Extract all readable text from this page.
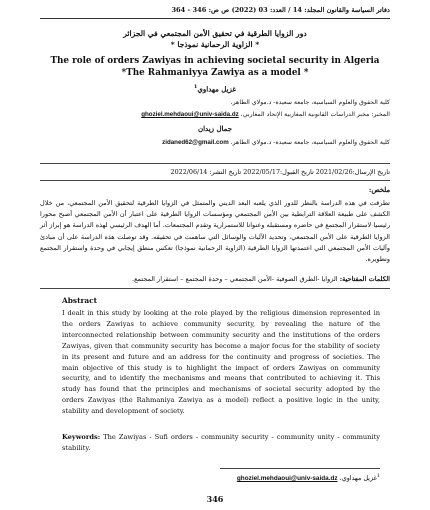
دفاتر السياسة والقانون المجلد: 14 / العدد: 03 (2022) ص ص: 346 - 364
دور الزوايا الطرقية في تحقيق الأمن المجتمعي في الجزائر
* الزاوية الرحمانية نموذجا *
The role of orders Zawiyas in achieving societal security in Algeria
*The Rahmaniyya Zawiya as a model *
غزيل مهداوي$^1$
كلية الحقوق والعلوم السياسية، جامعة سعيدة- د.مولاي الطاهر.
المخبر: مخبر الدراسات القانونية المغاربية الإتحاد المغاربي، ghoziel.mehdaoui@univ-saida.dz
جمال زيدان
كلية الحقوق والعلوم السياسية، جامعة سعيدة- د.مولاي الطاهر. zidaned62@gmail.com
تاريخ الإرسال:2021/02/26 تاريخ القبول:2022/05/17 تاريخ النشر: 2022/06/14
ملخص:
تطرقت في هذه الدراسة بالنظر للدور الذي يلعبه البعد الديني والمتمثل في الزوايا الطرقية لتحقيق الأمن المجتمعي، من خلال الكشف على طبيعة العلاقة الترابطية بين الأمن المجتمعي ومؤسسات الزوايا الطرقية على اعتبار أن الأمن المجتمعي أصبح محورا رئيسيا لاستقرار المجتمع في حاضره ومستقبله وعنوانا للاستمرارية وتقدم المجتمعات. أما الهدف الرئيسي لهذه الدراسة هو إبراز أثر الزوايا الطرقية على الأمن المجتمعي، وتحديد الآليات والوسائل التي ساهمت في تحقيقه. وقد توصلت هذه الدراسة على أن مبادئ وآليات الأمن المجتمعي التي اعتمدتها الزوايا الطرقية (الزاوية الرحمانية نموذجا) تعكس منطق إيجابي في وحدة واستقرار المجتمع وتطويره.
الكلمات المفتاحية: الزوايا -الطرق الصوفية -الأمن المجتمعي – وحدة المجتمع – استقرار المجتمع.
Abstract
I dealt in this study by looking at the role played by the religious dimension represented in the orders Zawiyas to achieve community security, by revealing the nature of the interconnected relationship between community security and the institutions of the orders Zawiyas, given that community security has become a major focus for the stability of society in its present and future and an address for the continuity and progress of societies. The main objective of this study is to highlight the impact of orders Zawiyas on community security, and to identify the mechanisms and means that contributed to achieving it. This study has found that the principles and mechanisms of societal security adopted by the orders Zawiyas (the Rahmaniya Zawiya as a model) reflect a positive logic in the unity, stability and development of society.
Keywords: The Zawiyas - Sufi orders - community security - community unity - community stability.
$^1$غزيل مهداوي، ghoziel.mehdaoui@univ-saida.dz
346
